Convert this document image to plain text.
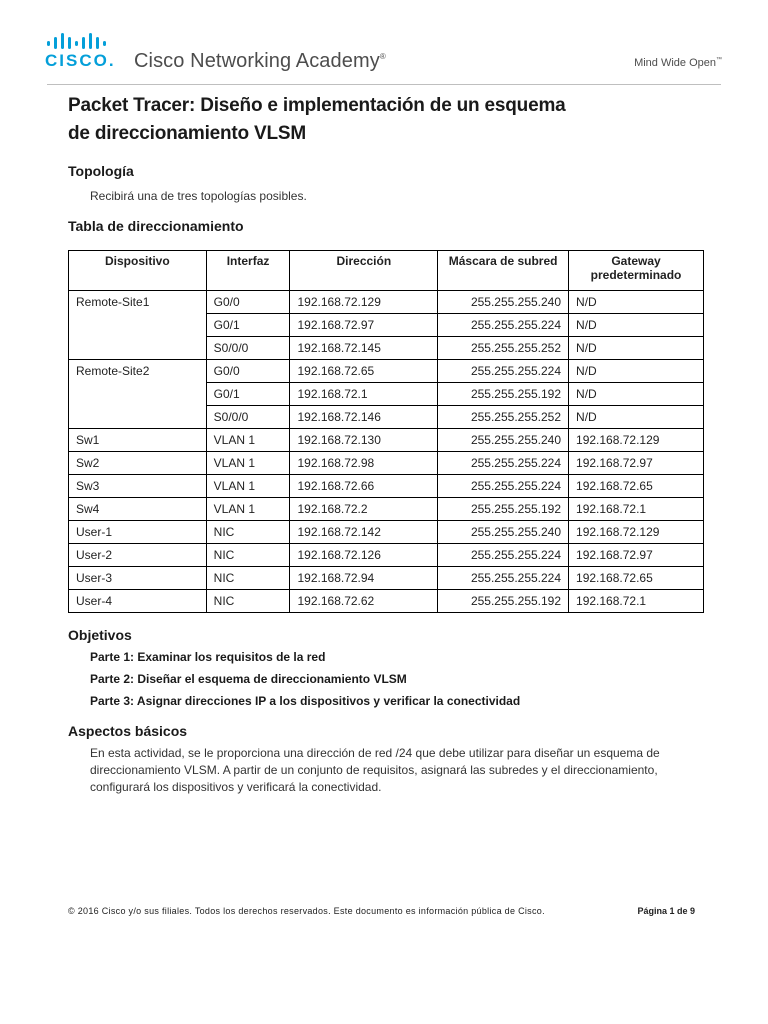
CISCO. Cisco Networking Academy®
Mind Wide Open™
Packet Tracer: Diseño e implementación de un esquema
de direccionamiento VLSM
Topología
Recibirá una de tres topologías posibles.
Tabla de direccionamiento
Dispositivo	Interfaz	Dirección	Máscara de subred	Gateway predeterminado
Remote-Site1	G0/0	192.168.72.129	255.255.255.240	N/D
	G0/1	192.168.72.97	255.255.255.224	N/D
	S0/0/0	192.168.72.145	255.255.255.252	N/D
Remote-Site2	G0/0	192.168.72.65	255.255.255.224	N/D
	G0/1	192.168.72.1	255.255.255.192	N/D
	S0/0/0	192.168.72.146	255.255.255.252	N/D
Sw1	VLAN 1	192.168.72.130	255.255.255.240	192.168.72.129
Sw2	VLAN 1	192.168.72.98	255.255.255.224	192.168.72.97
Sw3	VLAN 1	192.168.72.66	255.255.255.224	192.168.72.65
Sw4	VLAN 1	192.168.72.2	255.255.255.192	192.168.72.1
User-1	NIC	192.168.72.142	255.255.255.240	192.168.72.129
User-2	NIC	192.168.72.126	255.255.255.224	192.168.72.97
User-3	NIC	192.168.72.94	255.255.255.224	192.168.72.65
User-4	NIC	192.168.72.62	255.255.255.192	192.168.72.1
Objetivos

Parte 1: Examinar los requisitos de la red

Parte 2: Diseñar el esquema de direccionamiento VLSM

Parte 3: Asignar direcciones IP a los dispositivos y verificar la conectividad

Aspectos básicos

En esta actividad, se le proporciona una dirección de red /24 que debe utilizar para diseñar un esquema de direccionamiento VLSM. A partir de un conjunto de requisitos, asignará las subredes y el direccionamiento, configurará los dispositivos y verificará la conectividad.

© 2016 Cisco y/o sus filiales. Todos los derechos reservados. Este documento es información pública de Cisco.	Página 1 de 9
